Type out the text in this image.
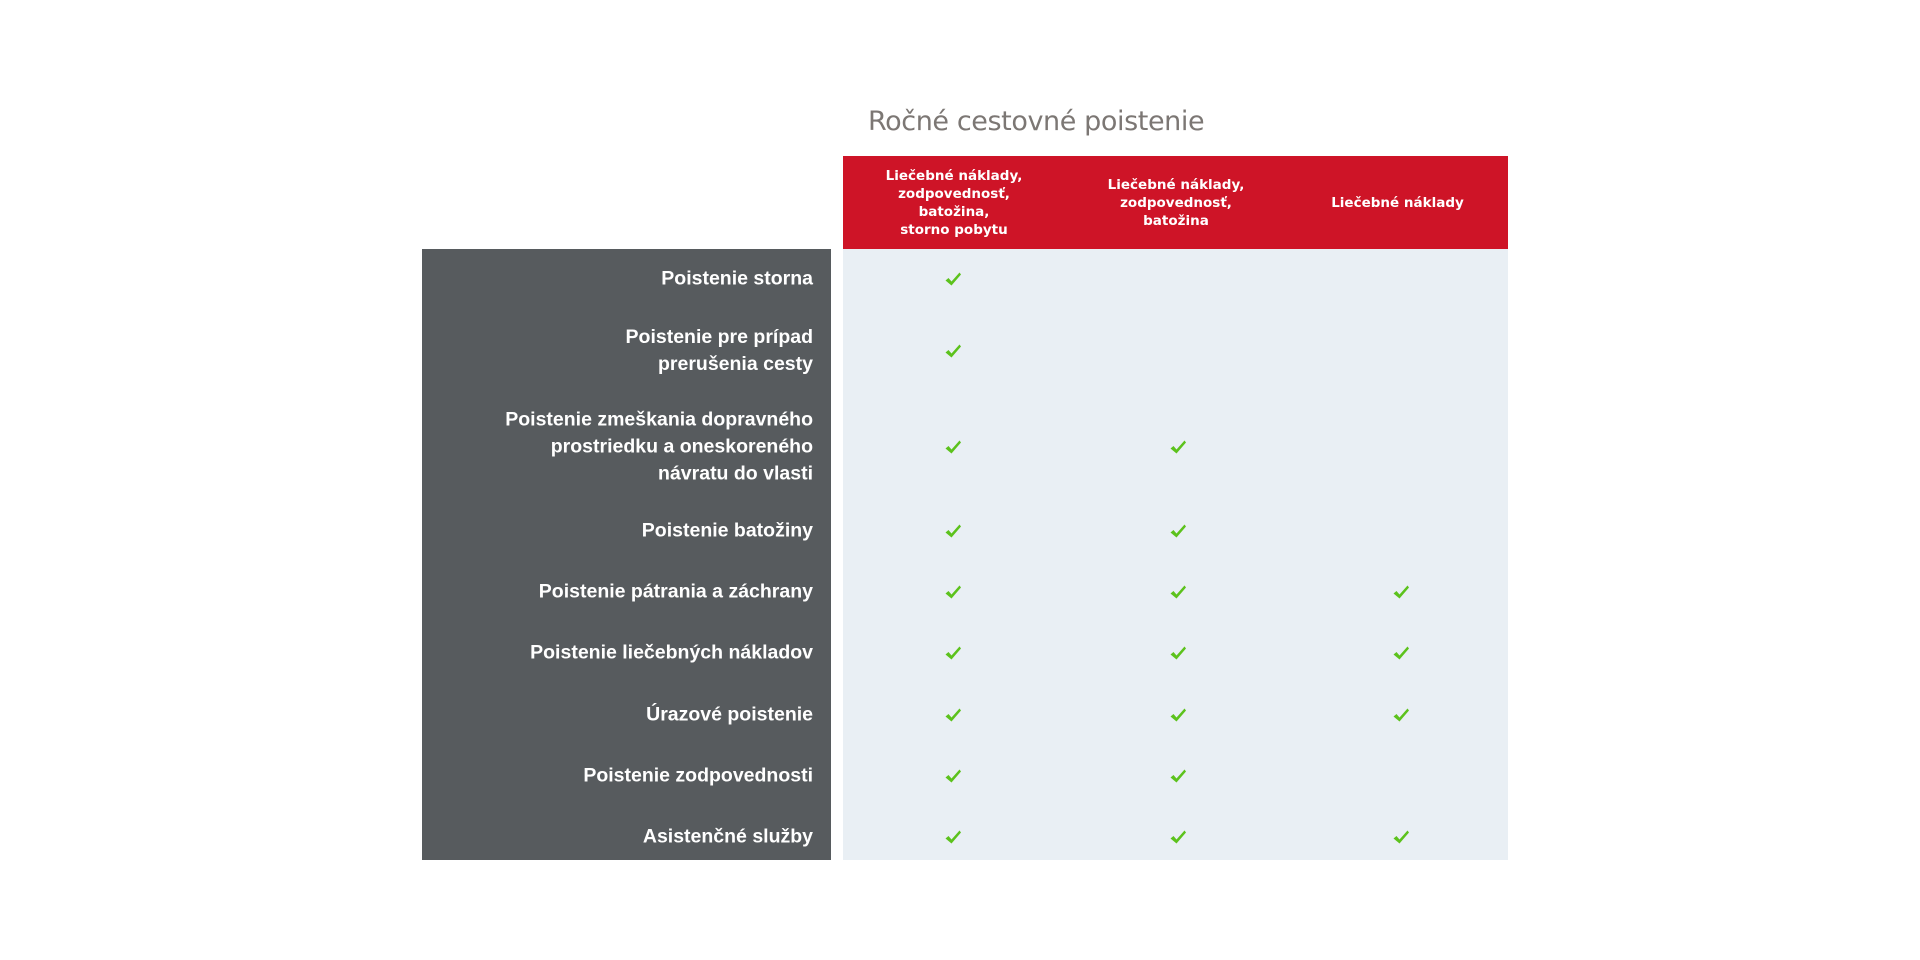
Ročné cestovné poistenie
Liečebné náklady,
zodpovednosť,
batožina,
storno pobytu
Liečebné náklady,
zodpovednosť,
batožina
Liečebné náklady
Poistenie storna
Poistenie pre prípad
prerušenia cesty
Poistenie zmeškania dopravného
prostriedku a oneskoreného
návratu do vlasti
Poistenie batožiny
Poistenie pátrania a záchrany
Poistenie liečebných nákladov
Úrazové poistenie
Poistenie zodpovednosti
Asistenčné služby
